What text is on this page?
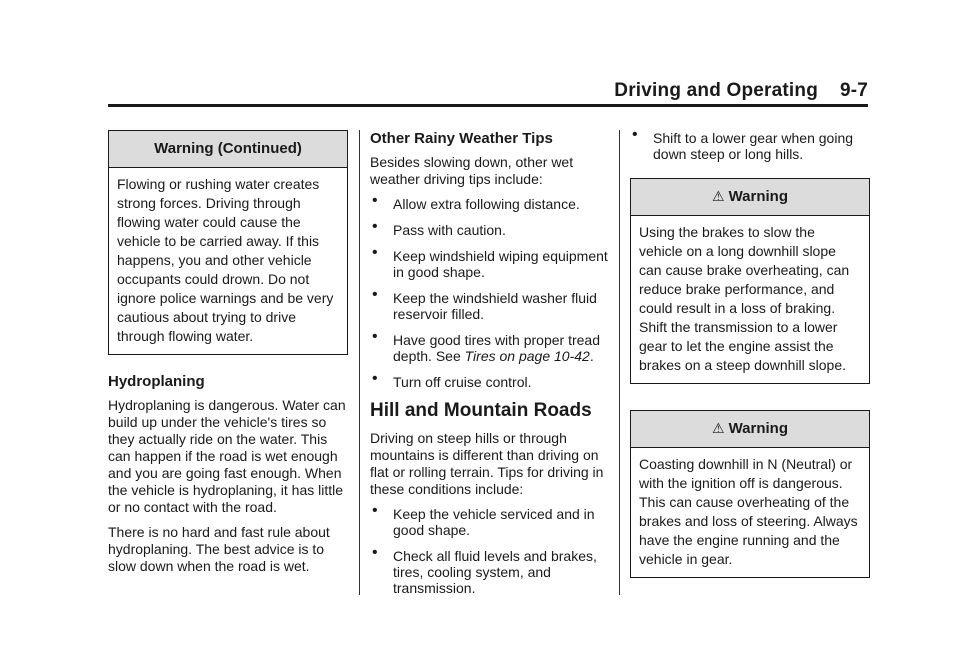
Driving and Operating 9-7
Warning (Continued)
Flowing or rushing water creates strong forces. Driving through flowing water could cause the vehicle to be carried away. If this happens, you and other vehicle occupants could drown. Do not ignore police warnings and be very cautious about trying to drive through flowing water.
Hydroplaning

Hydroplaning is dangerous. Water can build up under the vehicle's tires so they actually ride on the water. This can happen if the road is wet enough and you are going fast enough. When the vehicle is hydroplaning, it has little or no contact with the road.

There is no hard and fast rule about hydroplaning. The best advice is to slow down when the road is wet.

Other Rainy Weather Tips

Besides slowing down, other wet weather driving tips include:

• Allow extra following distance.
• Pass with caution.
• Keep windshield wiping equipment in good shape.
• Keep the windshield washer fluid reservoir filled.
• Have good tires with proper tread depth. See Tires on page 10-42.
• Turn off cruise control.
Hill and Mountain Roads

Driving on steep hills or through mountains is different than driving on flat or rolling terrain. Tips for driving in these conditions include:

• Keep the vehicle serviced and in good shape.
• Check all fluid levels and brakes, tires, cooling system, and transmission.
• Shift to a lower gear when going down steep or long hills.
⚠ Warning
Using the brakes to slow the vehicle on a long downhill slope can cause brake overheating, can reduce brake performance, and could result in a loss of braking. Shift the transmission to a lower gear to let the engine assist the brakes on a steep downhill slope.
⚠ Warning
Coasting downhill in N (Neutral) or with the ignition off is dangerous. This can cause overheating of the brakes and loss of steering. Always have the engine running and the vehicle in gear.
